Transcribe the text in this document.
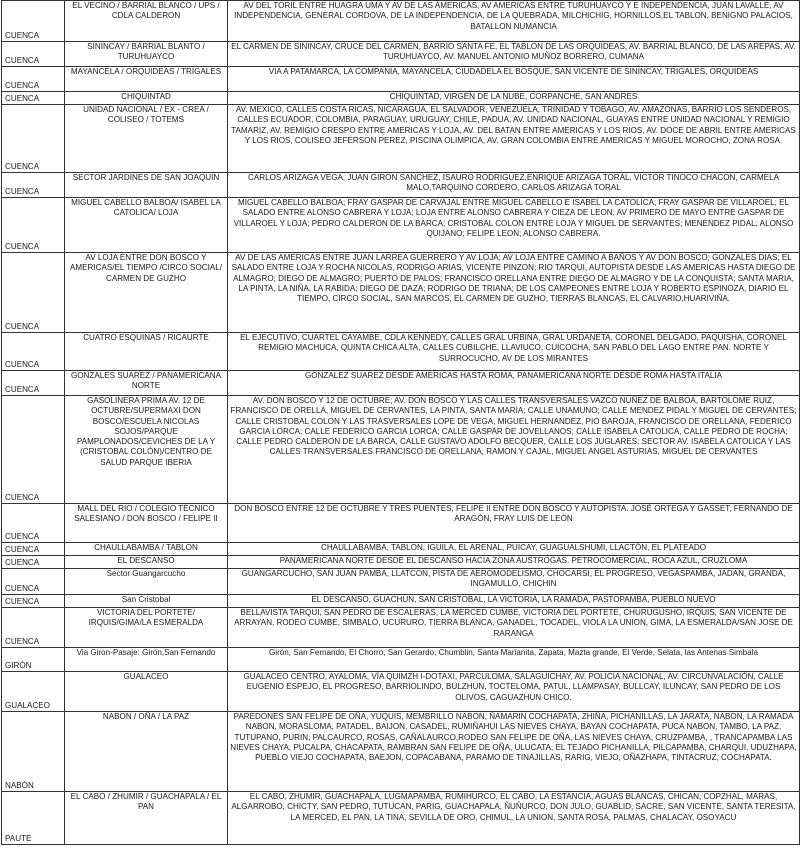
CUENCA	EL VECINO / BARRIAL BLANCO / UPS / CDLA CALDERON	AV DEL TORIL ENTRE HUAGRA UMA Y AV DE LAS AMERICAS, AV AMERICAS ENTRE TURUHUAYCO Y E INDEPENDENCIA, JUAN LAVALLE, AV INDEPENDENCIA, GENERAL CORDOVA, DE LA INDEPENDENCIA, DE LA QUEBRADA, MILCHICHIG, HORNILLOS,EL TABLON, BENIGNO PALACIOS, BATALLON NUMANCIA
CUENCA	SININCAY / BARRIAL BLANTO / TURUHUAYCO	EL CARMEN DE SININCAY, CRUCE DEL CARMEN, BARRIO SANTA FE, EL TABLON DE LAS ORQUIDEAS, AV. BARRIAL BLANCO, DE LAS AREPAS, AV. TURUHUAYCO, AV. MANUEL ANTONIO MUÑOZ BORRERO, CUMANA
CUENCA	MAYANCELA / ORQUIDEAS / TRIGALES	VIA A PATAMARCA, LA COMPANIA, MAYANCELA, CIUDADELA EL BOSQUE, SAN VICENTE DE SININCAY, TRIGALES, ORQUIDEAS
CUENCA	CHIQUINTAD	CHIQUINTAD, VIRGEN DE LA NUBE, CORPANCHE, SAN ANDRES
CUENCA	UNIDAD NACIONAL / EX - CREA / COLISEO / TOTEMS	AV. MEXICO, CALLES COSTA RICAS, NICARAGUA, EL SALVADOR, VENEZUELA, TRINIDAD Y TOBAGO, AV. AMAZONAS, BARRIO LOS SENDEROS, CALLES ECUADOR, COLOMBIA, PARAGUAY, URUGUAY, CHILE, PADUA, AV. UNIDAD NACIONAL, GUAYAS ENTRE UNIDAD NACIONAL Y REMIGIO TAMARIZ, AV. REMIGIO CRESPO ENTRE AMERICAS Y LOJA, AV. DEL BATAN ENTRE AMERICAS Y LOS RIOS, AV. DOCE DE ABRIL ENTRE AMERICAS Y LOS RIOS, COLISEO JEFERSON PEREZ, PISCINA OLIMPICA, AV. GRAN COLOMBIA ENTRE AMERICAS Y MIGUEL MOROCHO, ZONA ROSA.
CUENCA	SECTOR JARDINES DE SAN JOAQUIN	CARLOS ARIZAGA VEGA, JUAN GIRON SANCHEZ, ISAURO RODRIGUEZ,ENRIQUE ARIZAGA TORAL, VICTOR TINOCO CHACON, CARMELA MALO,TARQUINO CORDERO, CARLOS ARIZAGA TORAL
CUENCA	MIGUEL CABELLO BALBOA/ ISABEL LA CATOLICA/ LOJA	MIGUEL CABELLO BALBOA; FRAY GASPAR DE CARVAJAL ENTRE MIGUEL CABELLO E ISABEL LA CATOLICA; FRAY GASPAR DE VILLAROEL; EL SALADO ENTRE ALONSO CABRERA Y LOJA; LOJA ENTRE ALONSO CABRERA Y CIEZA DE LEON; AV PRIMERO DE MAYO ENTRE GASPAR DE VILLAROEL Y LOJA; PEDRO CALDERON DE LA BARCA; CRISTOBAL COLON ENTRE LOJA Y MIGUEL DE SERVANTES; MENENDEZ PIDAL; ALONSO QUIJANO; FELIPE LEON; ALONSO CABRERA.
CUENCA	AV LOJA ENTRE DON BOSCO Y AMERICAS/EL TIEMPO /CIRCO SOCIAL/ CARMEN DE GUZHO	AV DE LAS AMERICAS ENTRE JUAN LARREA GUERRERO Y AV LOJA; AV LOJA ENTRE CAMINO A BAÑOS Y AV DON BOSCO; GONZALES DIAS; EL SALADO ENTRE LOJA Y ROCHA NICOLAS, RODRIGO ARIAS, VICENTE PINZON; RIO TARQUI, AUTOPISTA DESDE LAS AMERICAS HASTA DIEGO DE ALMAGRO; DIEGO DE ALMAGRO; PUERTO DE PALOS; FRANCISCO ORELLANA ENTRE DIEGO DE ALMAGRO Y DE LA CONQUISTA; SANTA MARIA, LA PINTA, LA NIÑA, LA RABIDA; DIEGO DE DAZA; RODRIGO DE TRIANA; DE LOS CAMPEONES ENTRE LOJA Y ROBERTO ESPINOZA, DIARIO EL TIEMPO, CIRCO SOCIAL, SAN MARCOS, EL CARMEN DE GUZHO, TIERRAS BLANCAS, EL CALVARIO,HUARIVIÑA.
CUENCA	CUATRO ESQUINAS / RICAURTE	EL EJECUTIVO, CUARTEL CAYAMBE, CDLA KENNEDY, CALLES GRAL URBINA, GRAL URDANETA, CORONEL DELGADO, PAQUISHA, CORONEL REMIGIO MACHUCA, QUINTA CHICA ALTA, CALLES CUBILCHE, LLAVIUCO, CUICOCHA, SAN PABLO DEL LAGO ENTRE PAN. NORTE Y SURROCUCHO, AV DE LOS MIRANTES
CUENCA	GONZALES SUAREZ / PANAMERICANA NORTE	GONZALEZ SUAREZ DESDE AMERICAS HASTA ROMA, PANAMERICANA NORTE DESDE ROMA HASTA ITALIA
CUENCA	GASOLINERA PRIMA AV. 12 DE OCTUBRE/SUPERMAXI DON BOSCO/ESCUELA NICOLAS SOJOS/PARQUE PAMPLONADOS/CEVICHES DE LA Y (CRISTOBAL COLÓN)/CENTRO DE SALUD PARQUE IBERIA	AV. DON BOSCO Y 12 DE OCTUBRE; AV. DON BOSCO Y LAS CALLES TRANSVERSALES VAZCO NUÑEZ DE BALBOA, BARTOLOME RUIZ, FRANCISCO DE ORELLA, MIGUEL DE CERVANTES, LA PINTA, SANTA MARIA; CALLE UNAMUNO; CALLE MENDEZ PIDAL Y MIGUEL DE CERVANTES; CALLE CRISTOBAL COLON Y LAS TRASVERSALES LOPE DE VEGA, MIGUEL HERNANDEZ, PIO BAROJA, FRANCISCO DE ORELLANA, FEDERICO GARCIA LORCA; CALLE FEDERICO GARCIA LORCA; CALLE GASPAR DE JOVELLANOS; CALLE ISABELA CATOLICA, CALLE PEDRO DE ROCHA; CALLE PEDRO CALDERON DE LA BARCA, CALLE GUSTAVO ADOLFO BECQUER, CALLE LOS JUGLARES; SECTOR AV. ISABELA CATOLICA Y LAS CALLES TRANSVERSALES FRANCISCO DE ORELLANA, RAMON Y CAJAL, MIGUEL ANGEL ASTURIAS, MIGUEL DE CERVANTES
CUENCA	MALL DEL RIO / COLEGIO TÉCNICO SALESIANO / DON BOSCO / FELIPE II	DON BOSCO ENTRE 12 DE OCTUBRE Y TRES PUENTES, FELIPE II ENTRE DON BOSCO Y AUTOPISTA. JOSÉ ORTEGA Y GASSET, FERNANDO DE ARAGÓN, FRAY LUIS DE LEÓN
CUENCA	CHAULLABAMBA / TABLON	CHAULLABAMBA, TABLON, IGUILA, EL ARENAL, PUICAY, GUAGUALSHUMI, LLACTÓN, EL PLATEADO
CUENCA	EL DESCANSO	PANAMERICANA NORTE DESDE EL DESCANSO HACIA ZONA AUSTROGAS. PETROCOMERCIAL, ROCA AZUL, CRUZLOMA
CUENCA	Sector Guangarcucho	GUANGARCUCHO, SAN JUAN PAMBA, LLATCON, PISTA DE AEROMODELISMO, CHOCARSI, EL PROGRESO, VEGASPAMBA, JADAN, GRANDA, INGAMULLO, CHICHIN
CUENCA	San Cristobal	EL DESCANSO, GUACHUN, SAN CRISTOBAL, LA VICTORIA, LA RAMADA, PASTOPAMBA, PUEBLO NUEVO
CUENCA	VICTORIA DEL PORTETE/ IRQUIS/GIMA/LA ESMERALDA	BELLAVISTA TARQUI, SAN PEDRO DE ESCALERAS, LA MERCED CUMBE, VICTORIA DEL PORTETE, CHURUGUSHO, IRQUIS, SAN VICENTE DE ARRAYAN, RODEO CUMBE, SIMBALO, UCURURO, TIERRA BLANCA, GANADEL, TOCADEL, VIOLA LA UNION, GIMA, LA ESMERALDA/SAN JOSE DE RARANGA
GIRÓN	Via Giron-Pasaje: Girón,San Fernando	Girón, San Fernando, El Chorro, San Gerardo, Chumblin, Santa Marianita, Zapata, Mazta grande, El Verde, Selata, las Antenas Simbala
GUALACEO	GUALACEO	GUALACEO CENTRO, AYALOMA, VÍA QUIMZH I-DOTAXI, PARCULOMA, SALAGUICHAY, AV. POLICIA NACIONAL, AV. CIRCUNVALACIÓN, CALLE EUGENIO ESPEJO, EL PROGRESO, BARRIOLINDO, BULZHUN, TOCTELOMA, PATUL, LLAMPASAY, BULLCAY, ILUNCAY, SAN PEDRO DE LOS OLIVOS, CAGUAZHUN CHICO.
NABÓN	NABON / OÑA / LA PAZ	PAREDONES SAN FELIPE DE OÑA, YUQUIS, MEMBRILLO NABON, ÑAMARIN COCHAPATA, ZHIÑA, PICHANILLAS, LA JARATA, NABON, LA RAMADA NABON, MORASLOMA, PATADEL, BAIJON, CASADEL, RUMIÑAHUI LAS NIEVES CHAYA, BAYAN COCHAPATA, PUCA NABON, TAMBO, LA PAZ, TUTUPANO, PURIN, PALCAURCO, ROSAS, CAÑALAURCO,RODEO SAN FELIPE DE OÑA, LAS NIEVES CHAYA, CRUZPAMBA, , TRANCAPAMBA LAS NIEVES CHAYA, PUCALPA, CHACAPATA, RAMBRAN SAN FELIPE DE OÑA, ULUCATA, EL TEJADO PICHANILLA, PILCAPAMBA, CHARQUI, UDUZHAPA, PUEBLO VIEJO COCHAPATA, BAEJON, COPACABANA, PARAMO DE TINAJILLAS, RARIG, VIEJO, OÑAZHAPA, TINTACRUZ, COCHAPATA.
PAUTE	EL CABO / ZHUMIR / GUACHAPALA / EL PAN	EL CABO, ZHUMIR, GUACHAPALA, LUGMAPAMBA, RUMIHURCO, EL CABO, LA ESTANCIA, AGUAS BLANCAS, CHICAN, COPZHAL, MARAS, ALGARROBO, CHICTY, SAN PEDRO, TUTUCAN, PARIG, GUACHAPALA, ÑUÑURCO, DON JULO, GUABLID, SACRE, SAN VICENTE, SANTA TERESITA, LA MERCED, EL PAN, LA TINA, SEVILLA DE ORO, CHIMUL, LA UNION, SANTA ROSA, PALMAS, CHALACAY, OSOYACU
